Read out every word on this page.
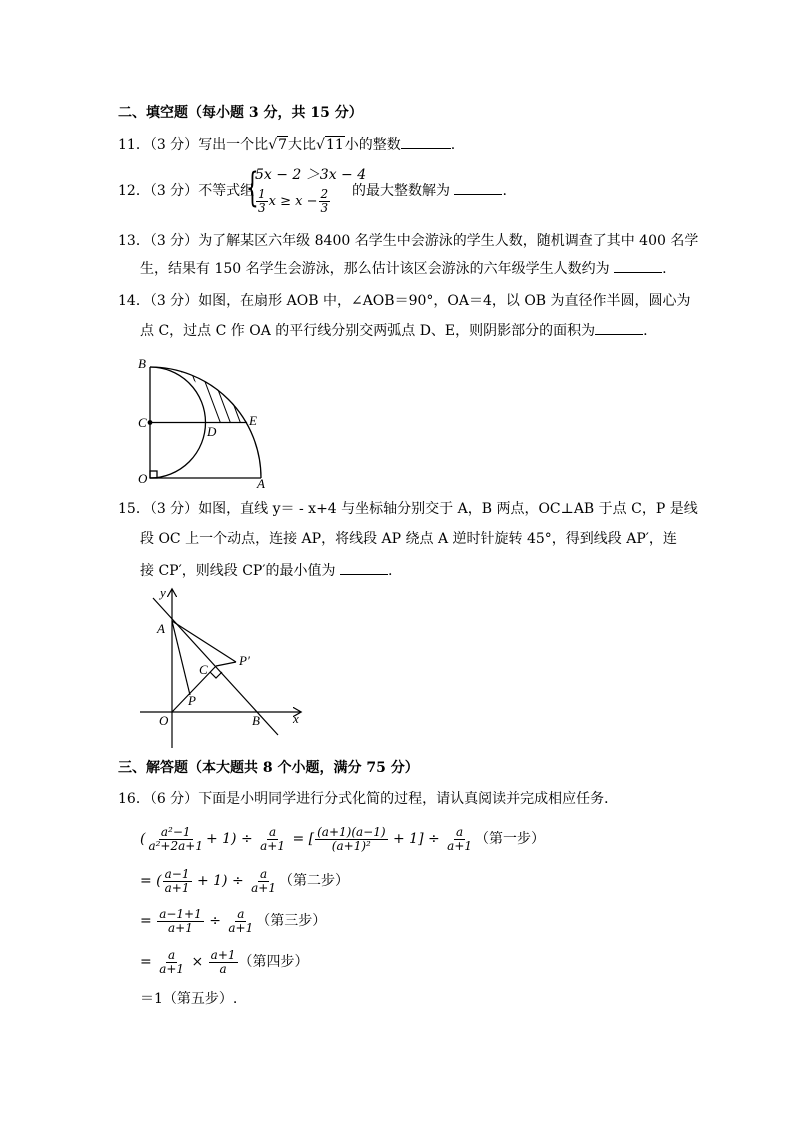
二、填空题（每小题 3 分，共 15 分）
11．（3 分）写出一个比√7大比√11小的整数	.
12．（3 分）不等式组
{
5x − 2 ＞3x − 4
$\frac{1}{3}$ $x \ge x - \frac{2}{3}$ 的最大整数解为	.
13．（3 分）为了解某区六年级 8400 名学生中会游泳的学生人数，随机调查了其中 400 名学
生，结果有 150 名学生会游泳，那么估计该区会游泳的六年级学生人数约为	.
14．（3 分）如图，在扇形 AOB 中，∠AOB＝90°，OA＝4，以 OB 为直径作半圆，圆心为
点 C，过点 C 作 OA 的平行线分别交两弧点 D、E，则阴影部分的面积为	.
B
C
D
E
O	A
15．（3 分）如图，直线 y＝ - x+4 与坐标轴分别交于 A，B 两点，OC⊥AB 于点 C，P 是线
段 OC 上一个动点，连接 AP，将线段 AP 绕点 A 逆时针旋转 45°，得到线段 AP′，连
接 CP′，则线段 CP′的最小值为	.
y
A
P′
C
P
O	B	x
三、解答题（本大题共 8 个小题，满分 75 分）
16．（6 分）下面是小明同学进行分式化简的过程，请认真阅读并完成相应任务．
( $\frac{\text{a²−1}}{\text{a²+2a+1}} + 1) \div \frac{a}{a+1}$ = [ $\frac{(a+1)(a-1)}{\text{(a+1)²}} + 1] \div \frac{a}{a+1}$ （第一步）
= ( $\frac{a-1}{a+1} + 1) \div \frac{a}{a+1}$ （第二步）
= $\frac{a-1+1}{a+1} \div \frac{a}{a+1}$ （第三步）
= $\frac{a}{a+1} \times \frac{a+1}{a}$ （第四步）
＝1（第五步）.
